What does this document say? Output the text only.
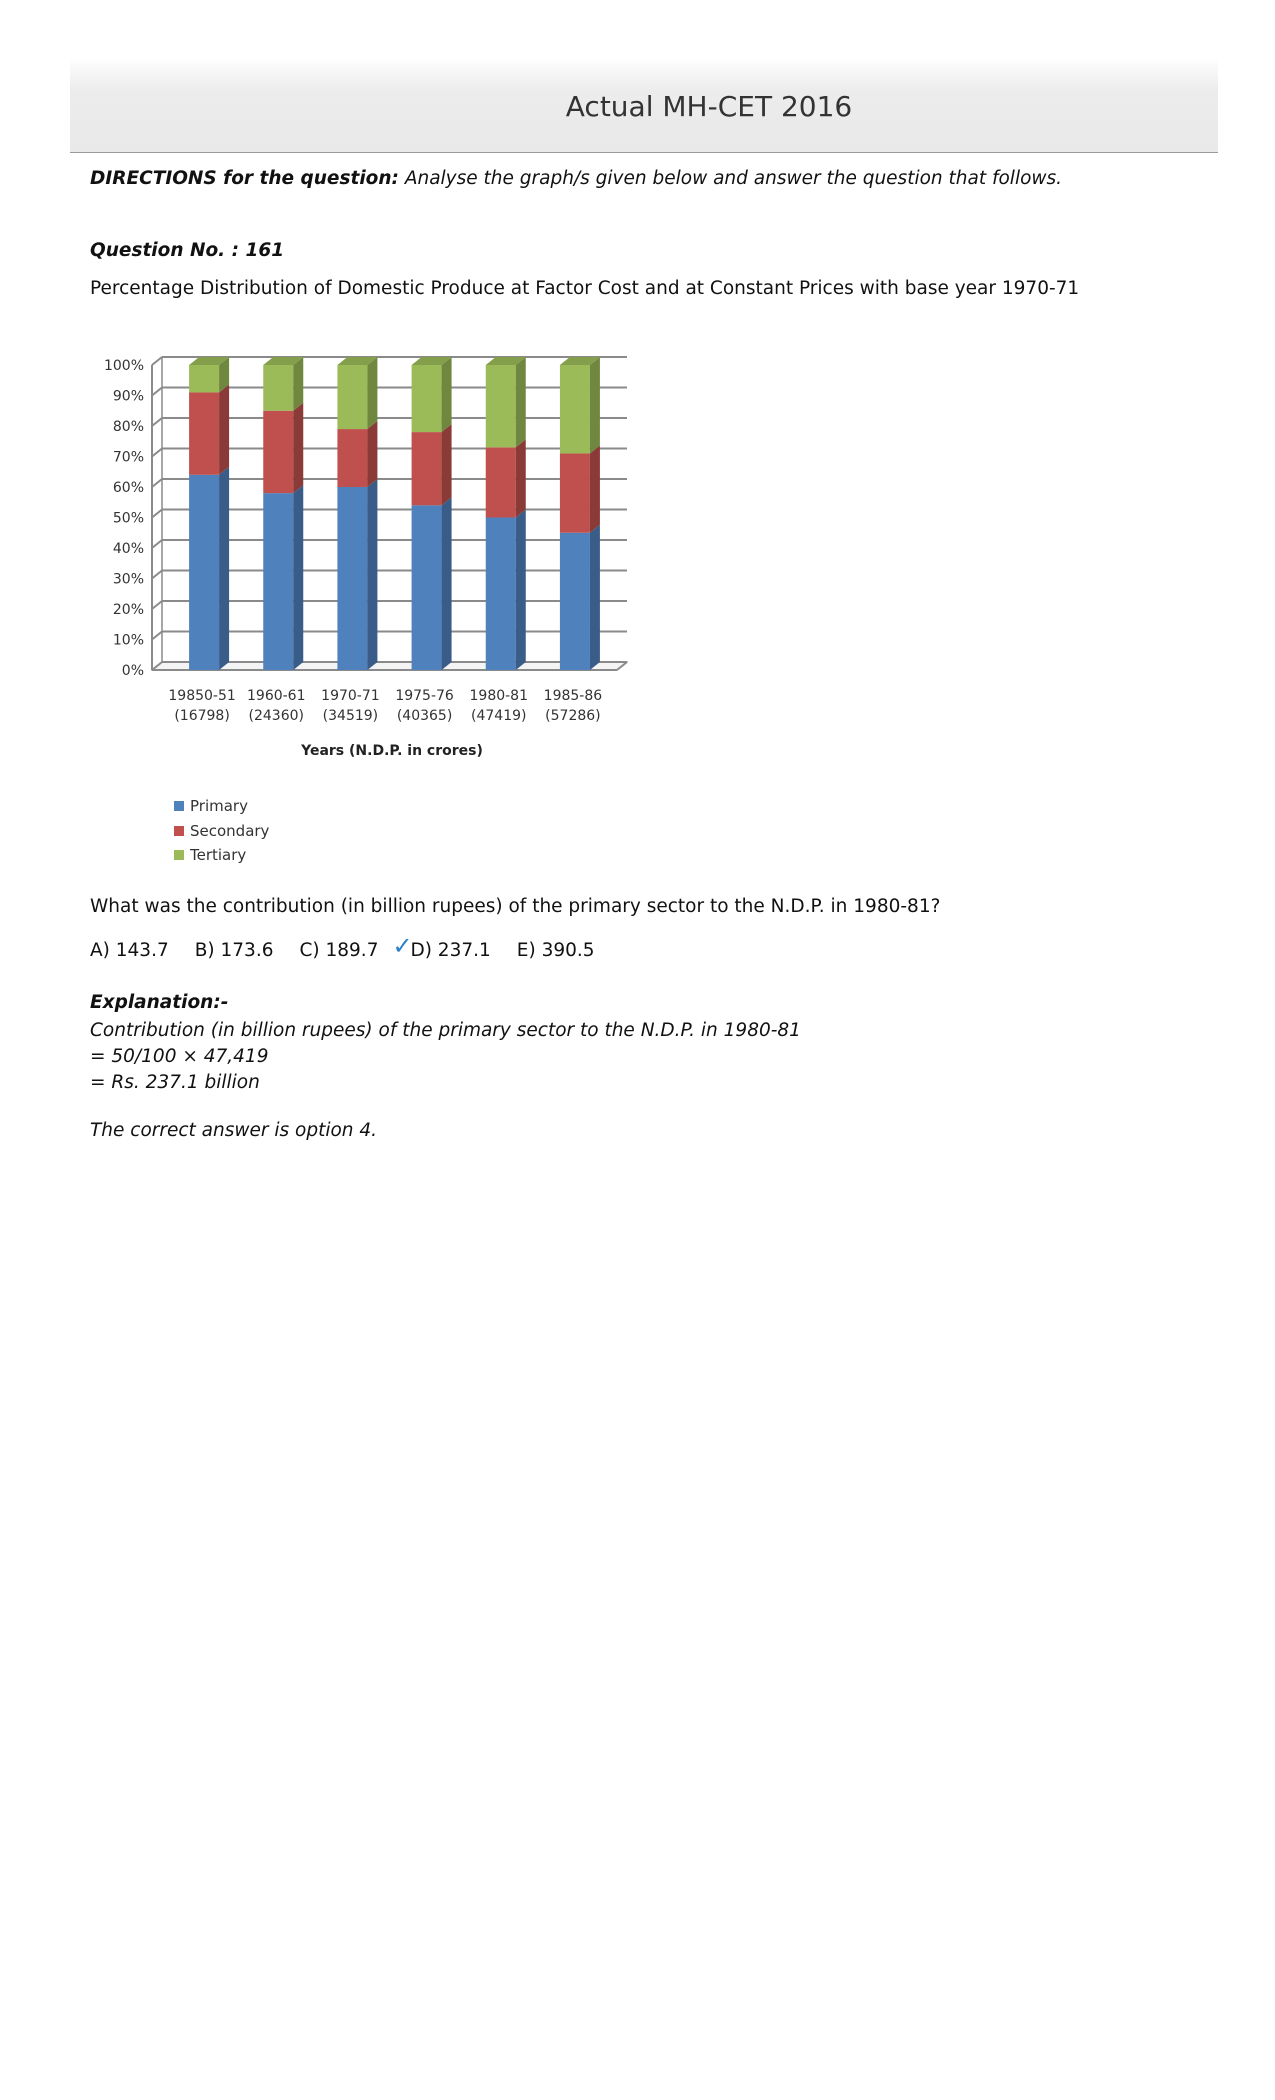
Actual MH-CET 2016
DIRECTIONS for the question: Analyse the graph/s given below and answer the question that follows.
Question No. : 161
Percentage Distribution of Domestic Produce at Factor Cost and at Constant Prices with base year 1970-71
0%
10%
20%
30%
40%
50%
60%
70%
80%
90%
100%
19850-51
(16798)
1960-61
(24360)
1970-71
(34519)
1975-76
(40365)
1980-81
(47419)
1985-86
(57286)
Years (N.D.P. in crores)
Primary
Secondary
Tertiary
What was the contribution (in billion rupees) of the primary sector to the N.D.P. in 1980-81?
A) 143.7 B) 173.6 C) 189.7 ✓
D) 237.1 E) 390.5
Explanation:-
Contribution (in billion rupees) of the primary sector to the N.D.P. in 1980-81
= 50/100 × 47,419
= Rs. 237.1 billion
The correct answer is option 4.
